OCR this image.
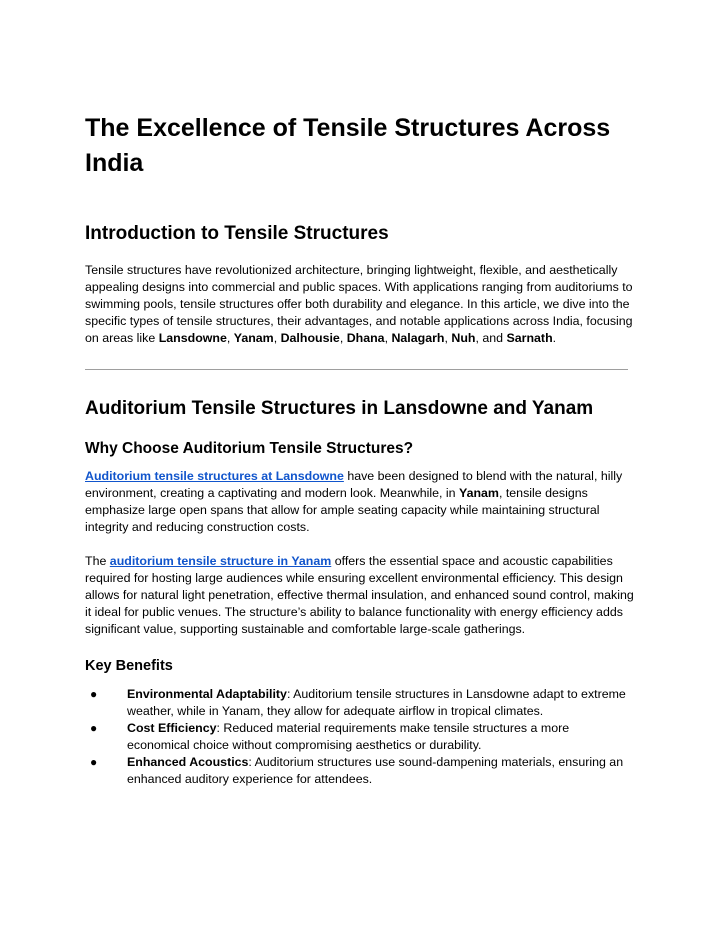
The Excellence of Tensile Structures Across India
Introduction to Tensile Structures

Tensile structures have revolutionized architecture, bringing lightweight, flexible, and aesthetically appealing designs into commercial and public spaces. With applications ranging from auditoriums to swimming pools, tensile structures offer both durability and elegance. In this article, we dive into the specific types of tensile structures, their advantages, and notable applications across India, focusing on areas like Lansdowne, Yanam, Dalhousie, Dhana, Nalagarh, Nuh, and Sarnath.

Auditorium Tensile Structures in Lansdowne and Yanam
Why Choose Auditorium Tensile Structures?

Auditorium tensile structures at Lansdowne have been designed to blend with the natural, hilly environment, creating a captivating and modern look. Meanwhile, in Yanam, tensile designs emphasize large open spans that allow for ample seating capacity while maintaining structural integrity and reducing construction costs.

The auditorium tensile structure in Yanam offers the essential space and acoustic capabilities required for hosting large audiences while ensuring excellent environmental efficiency. This design allows for natural light penetration, effective thermal insulation, and enhanced sound control, making it ideal for public venues. The structure’s ability to balance functionality with energy efficiency adds significant value, supporting sustainable and comfortable large-scale gatherings.

Key Benefits
● Environmental Adaptability: Auditorium tensile structures in Lansdowne adapt to extreme weather, while in Yanam, they allow for adequate airflow in tropical climates.
● Cost Efficiency: Reduced material requirements make tensile structures a more economical choice without compromising aesthetics or durability.
● Enhanced Acoustics: Auditorium structures use sound-dampening materials, ensuring an enhanced auditory experience for attendees.
